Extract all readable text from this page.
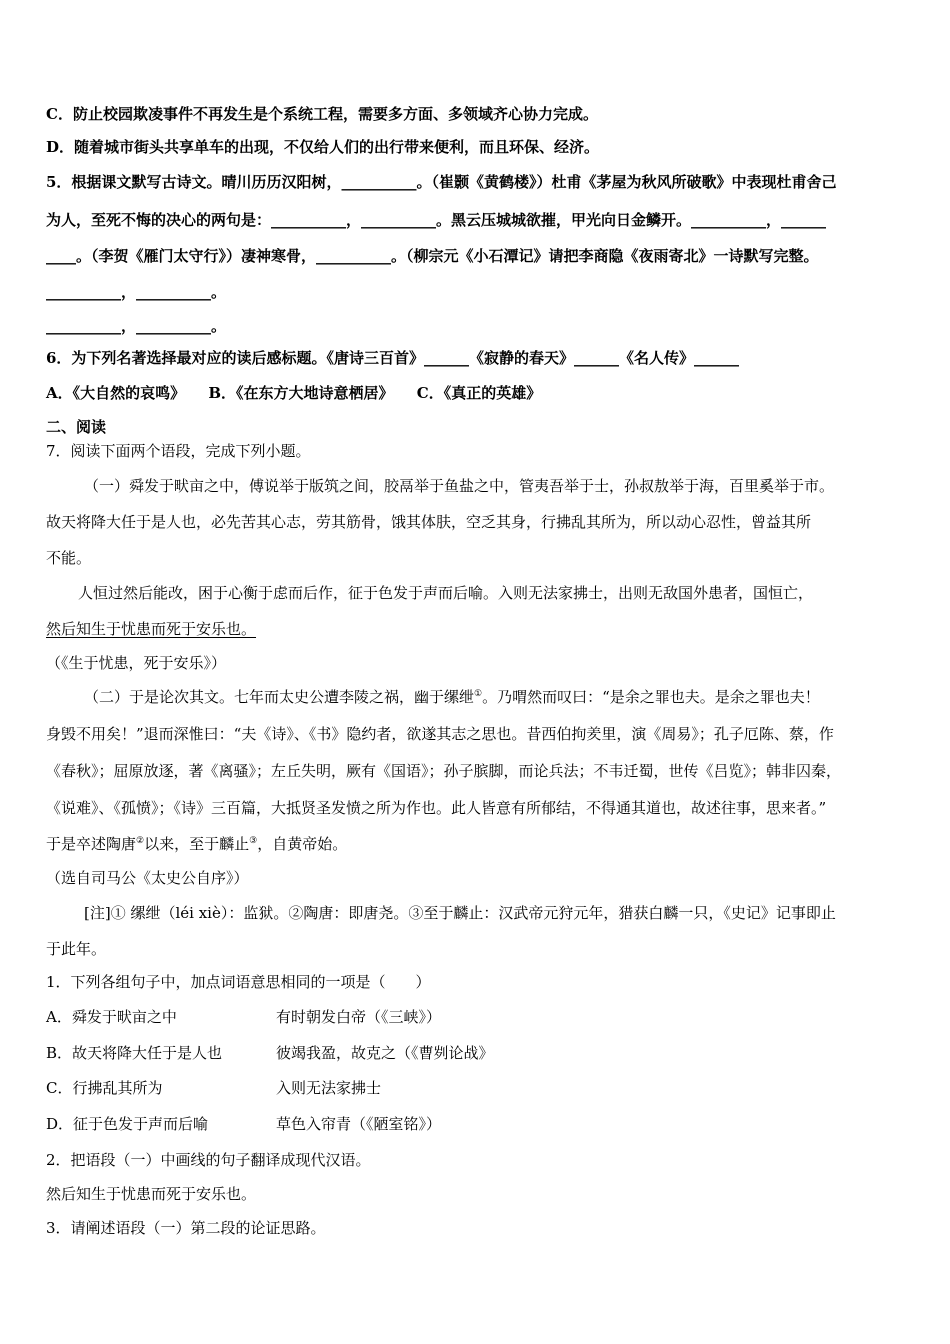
C．防止校园欺凌事件不再发生是个系统工程，需要多方面、多领域齐心协力完成。
D．随着城市街头共享单车的出现，不仅给人们的出行带来便利，而且环保、经济。
5．根据课文默写古诗文。晴川历历汉阳树，__________。（崔颢《黄鹤楼》）杜甫《茅屋为秋风所破歌》中表现杜甫舍己
为人，至死不悔的决心的两句是：__________，__________。黑云压城城欲摧，甲光向日金鳞开。__________，______
____。（李贺《雁门太守行》）凄神寒骨，__________。（柳宗元《小石潭记》请把李商隐《夜雨寄北》一诗默写完整。
__________，__________。
__________，__________。
6．为下列名著选择最对应的读后感标题。《唐诗三百首》______《寂静的春天》______《名人传》______
A．《大自然的哀鸣》 B．《在东方大地诗意栖居》 C．《真正的英雄》
二、阅读
7．阅读下面两个语段，完成下列小题。
（一）舜发于畎亩之中，傅说举于版筑之间，胶鬲举于鱼盐之中，管夷吾举于士，孙叔敖举于海，百里奚举于市。
故天将降大任于是人也，必先苦其心志，劳其筋骨，饿其体肤，空乏其身，行拂乱其所为，所以动心忍性，曾益其所
不能。
人恒过然后能改，困于心衡于虑而后作，征于色发于声而后喻。入则无法家拂士，出则无敌国外患者，国恒亡，
然后知生于忧患而死于安乐也。
（《生于忧患，死于安乐》）
（二）于是论次其文。七年而太史公遭李陵之祸，幽于缧绁①。乃喟然而叹曰：“是余之罪也夫。是余之罪也夫！
身毁不用矣！”退而深惟曰：“夫《诗》、《书》隐约者，欲遂其志之思也。昔西伯拘羑里，演《周易》；孔子厄陈、蔡，作
《春秋》；屈原放逐，著《离骚》；左丘失明，厥有《国语》；孙子膑脚，而论兵法；不韦迁蜀，世传《吕览》；韩非囚秦，
《说难》、《孤愤》；《诗》三百篇，大抵贤圣发愤之所为作也。此人皆意有所郁结，不得通其道也，故述往事，思来者。”
于是卒述陶唐②以来，至于麟止③，自黄帝始。
（选自司马公《太史公自序》）
[注]① 缧绁（léi xiè）：监狱。②陶唐：即唐尧。③至于麟止：汉武帝元狩元年，猎获白麟一只，《史记》记事即止
于此年。
1．下列各组句子中，加点词语意思相同的一项是（　　）
A．舜发于畎亩之中	有时朝发白帝（《三峡》）
B．故天将降大任于是人也	彼竭我盈，故克之（《曹刿论战》
C．行拂乱其所为	入则无法家拂士
D．征于色发于声而后喻	草色入帘青（《陋室铭》）
2．把语段（一）中画线的句子翻译成现代汉语。
然后知生于忧患而死于安乐也。
3．请阐述语段（一）第二段的论证思路。
